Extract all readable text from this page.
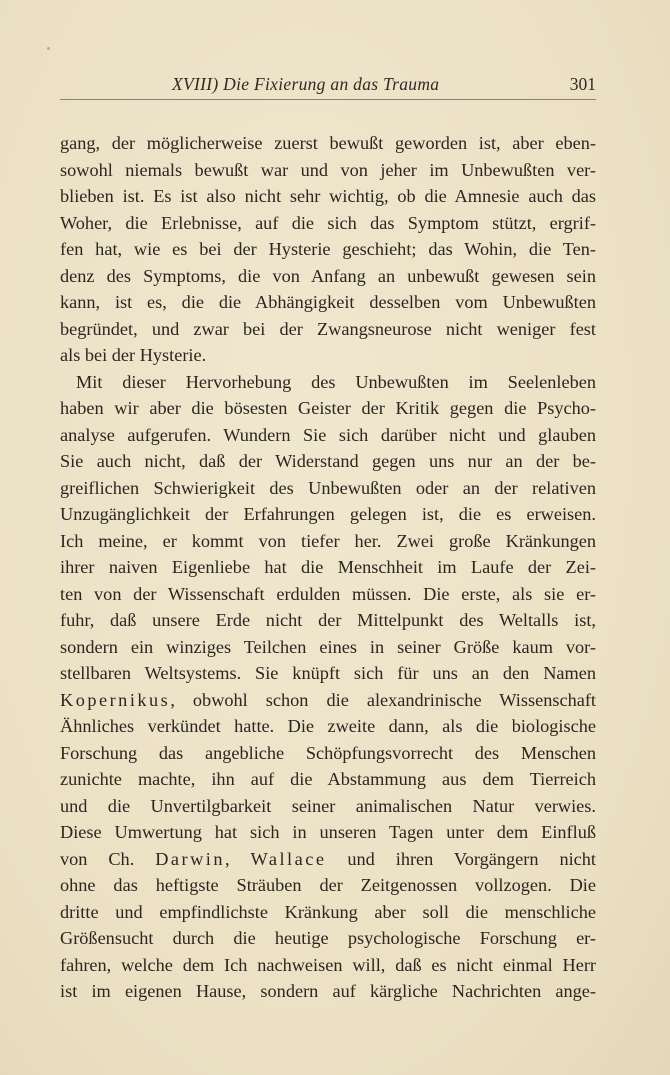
XVIII) Die Fixierung an das Trauma	301
gang, der möglicherweise zuerst bewußt geworden ist, aber eben-
sowohl niemals bewußt war und von jeher im Unbewußten ver-
blieben ist. Es ist also nicht sehr wichtig, ob die Amnesie auch das
Woher, die Erlebnisse, auf die sich das Symptom stützt, ergrif-
fen hat, wie es bei der Hysterie geschieht; das Wohin, die Ten-
denz des Symptoms, die von Anfang an unbewußt gewesen sein
kann, ist es, die die Abhängigkeit desselben vom Unbewußten
begründet, und zwar bei der Zwangsneurose nicht weniger fest
als bei der Hysterie.
Mit dieser Hervorhebung des Unbewußten im Seelenleben
haben wir aber die bösesten Geister der Kritik gegen die Psycho-
analyse aufgerufen. Wundern Sie sich darüber nicht und glauben
Sie auch nicht, daß der Widerstand gegen uns nur an der be-
greiflichen Schwierigkeit des Unbewußten oder an der relativen
Unzugänglichkeit der Erfahrungen gelegen ist, die es erweisen.
Ich meine, er kommt von tiefer her. Zwei große Kränkungen
ihrer naiven Eigenliebe hat die Menschheit im Laufe der Zei-
ten von der Wissenschaft erdulden müssen. Die erste, als sie er-
fuhr, daß unsere Erde nicht der Mittelpunkt des Weltalls ist,
sondern ein winziges Teilchen eines in seiner Größe kaum vor-
stellbaren Weltsystems. Sie knüpft sich für uns an den Namen
Kopernikus, obwohl schon die alexandrinische Wissenschaft
Ähnliches verkündet hatte. Die zweite dann, als die biologische
Forschung das angebliche Schöpfungsvorrecht des Menschen
zunichte machte, ihn auf die Abstammung aus dem Tierreich
und die Unvertilgbarkeit seiner animalischen Natur verwies.
Diese Umwertung hat sich in unseren Tagen unter dem Einfluß
von Ch. Darwin, Wallace und ihren Vorgängern nicht
ohne das heftigste Sträuben der Zeitgenossen vollzogen. Die
dritte und empfindlichste Kränkung aber soll die menschliche
Größensucht durch die heutige psychologische Forschung er-
fahren, welche dem Ich nachweisen will, daß es nicht einmal Herr
ist im eigenen Hause, sondern auf kärgliche Nachrichten ange-
